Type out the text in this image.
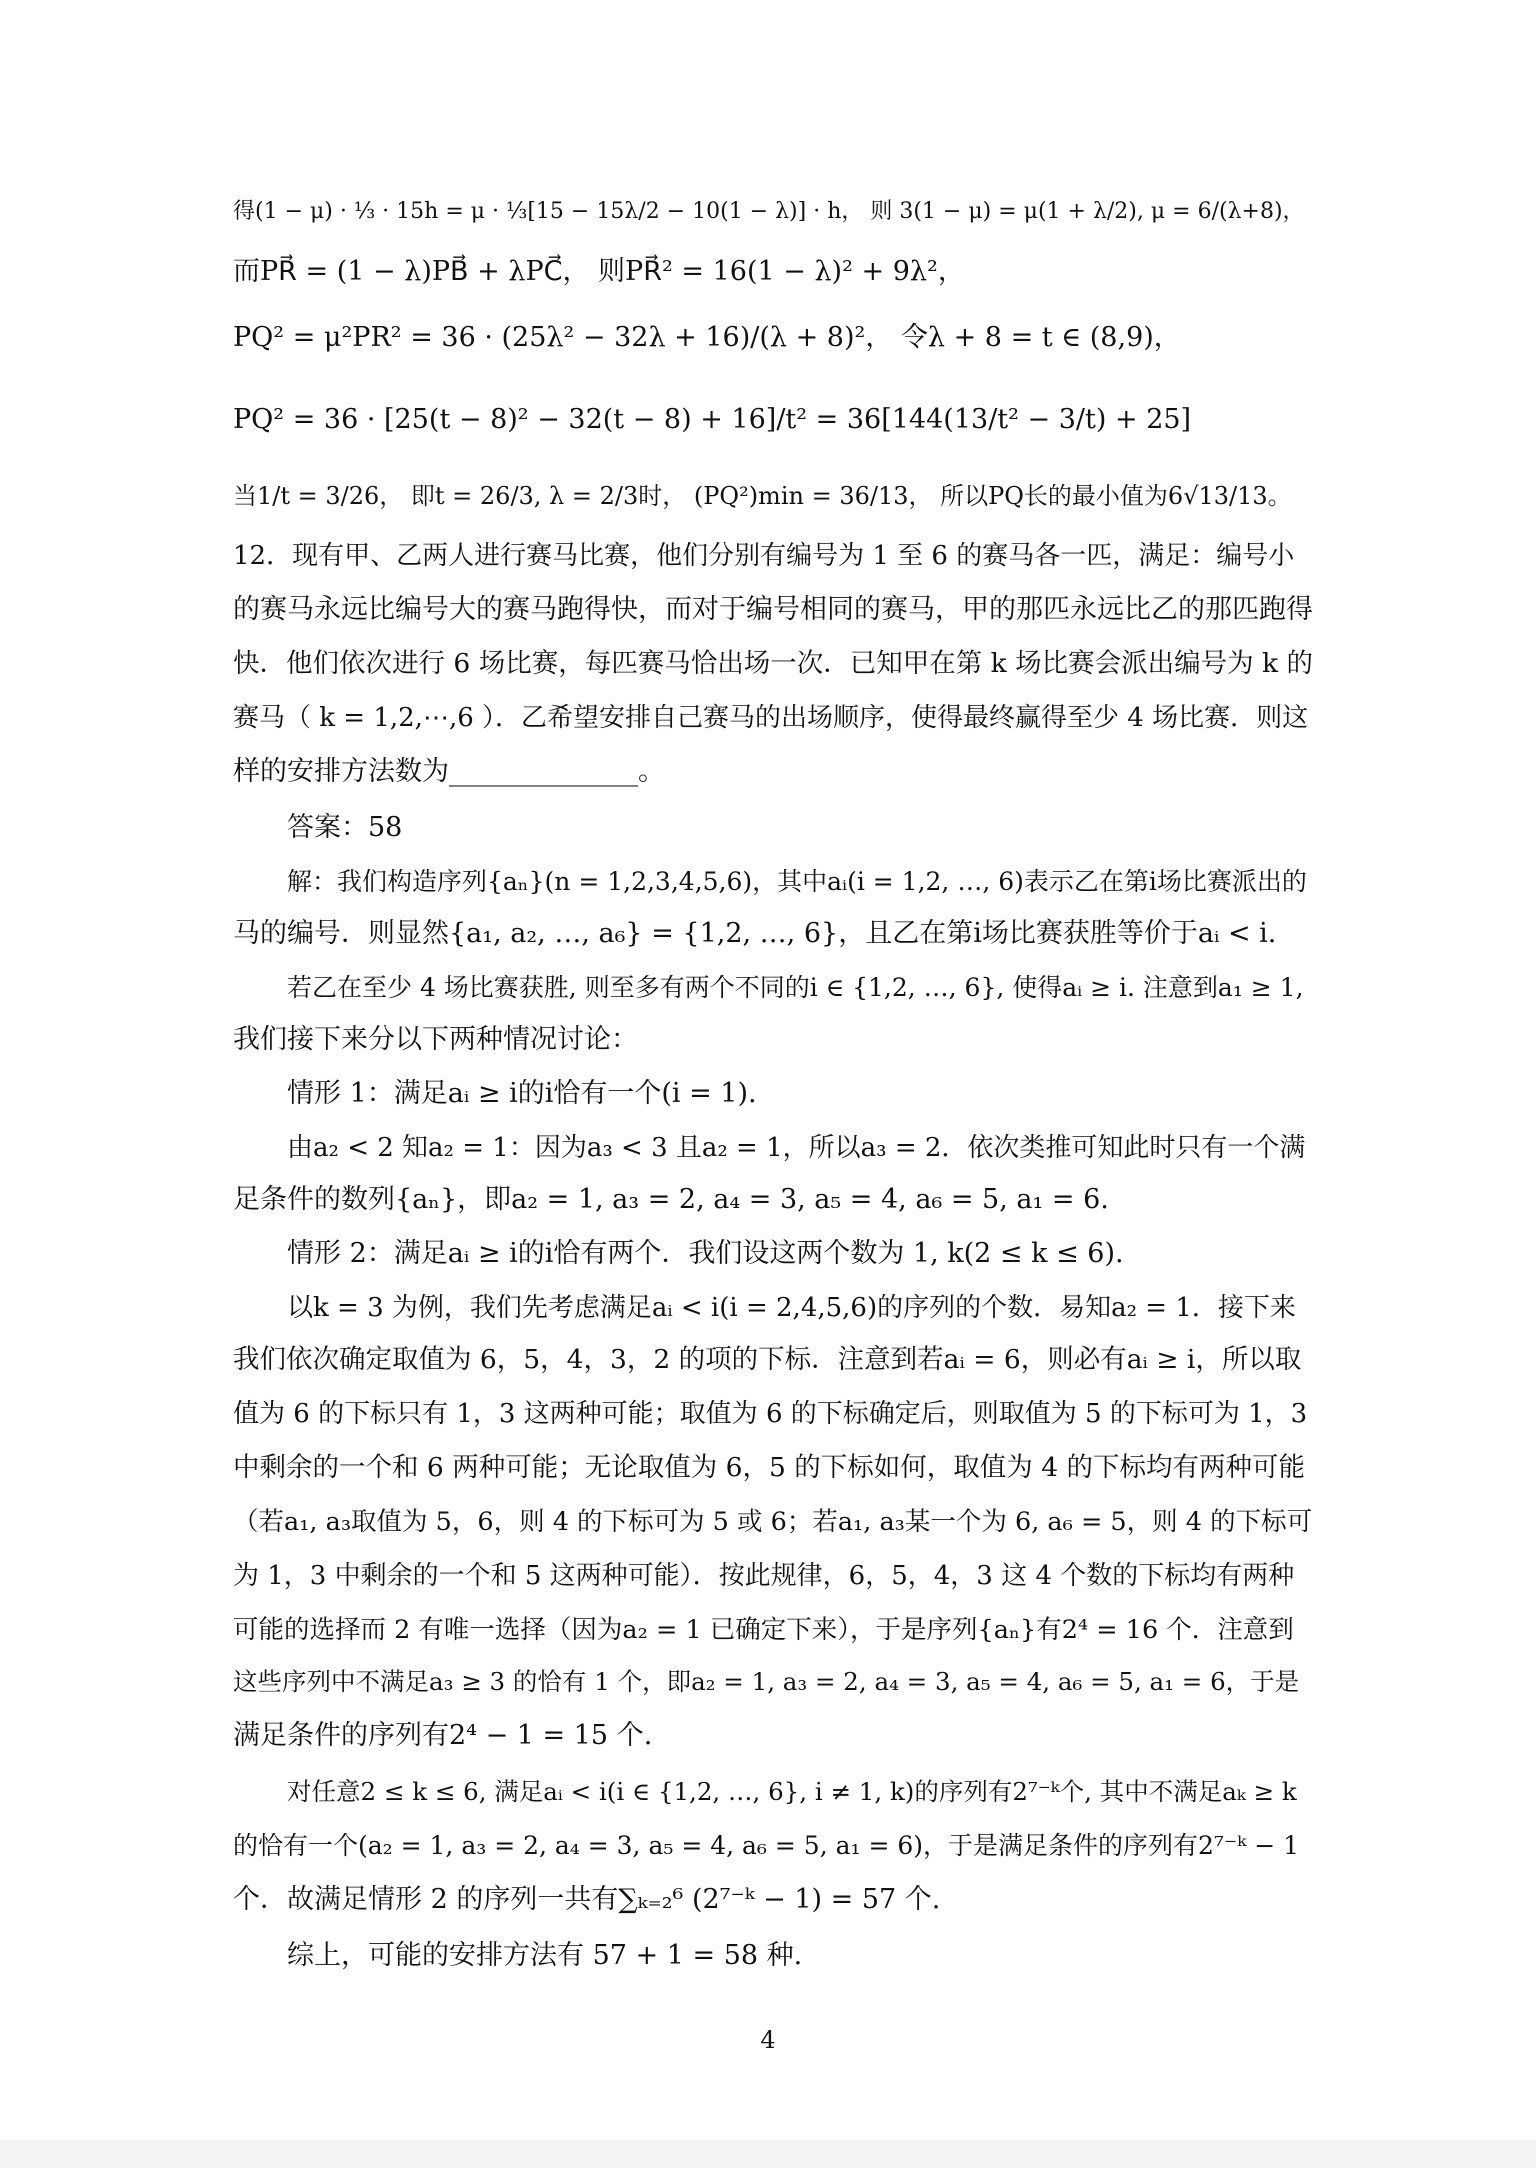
得(1 − μ) · ⅓ · 15h = μ · ⅓[15 − 15λ/2 − 10(1 − λ)] · h， 则 3(1 − μ) = μ(1 + λ/2), μ = 6/(λ+8)，
而PR⃗ = (1 − λ)PB⃗ + λPC⃗， 则PR⃗² = 16(1 − λ)² + 9λ²，
PQ² = μ²PR² = 36 · (25λ² − 32λ + 16)/(λ + 8)²， 令λ + 8 = t ∈ (8,9)，
PQ² = 36 · [25(t − 8)² − 32(t − 8) + 16]/t² = 36[144(13/t² − 3/t) + 25]
当1/t = 3/26， 即t = 26/3, λ = 2/3时， (PQ²)min = 36/13， 所以PQ长的最小值为6√13/13。
12．现有甲、乙两人进行赛马比赛，他们分别有编号为 1 至 6 的赛马各一匹，满足：编号小
的赛马永远比编号大的赛马跑得快，而对于编号相同的赛马，甲的那匹永远比乙的那匹跑得
快．他们依次进行 6 场比赛，每匹赛马恰出场一次．已知甲在第 k 场比赛会派出编号为 k 的
赛马（ k = 1,2,⋯,6 ）．乙希望安排自己赛马的出场顺序，使得最终赢得至少 4 场比赛．则这
样的安排方法数为______________。
答案：58
解：我们构造序列{aₙ}(n = 1,2,3,4,5,6)，其中aᵢ(i = 1,2, …, 6)表示乙在第i场比赛派出的
马的编号．则显然{a₁, a₂, …, a₆} = {1,2, …, 6}，且乙在第i场比赛获胜等价于aᵢ < i.
若乙在至少 4 场比赛获胜, 则至多有两个不同的i ∈ {1,2, …, 6}, 使得aᵢ ≥ i. 注意到a₁ ≥ 1,
我们接下来分以下两种情况讨论：
情形 1：满足aᵢ ≥ i的i恰有一个(i = 1).
由a₂ < 2 知a₂ = 1：因为a₃ < 3 且a₂ = 1，所以a₃ = 2．依次类推可知此时只有一个满
足条件的数列{aₙ}，即a₂ = 1, a₃ = 2, a₄ = 3, a₅ = 4, a₆ = 5, a₁ = 6.
情形 2：满足aᵢ ≥ i的i恰有两个．我们设这两个数为 1, k(2 ≤ k ≤ 6).
以k = 3 为例，我们先考虑满足aᵢ < i(i = 2,4,5,6)的序列的个数．易知a₂ = 1．接下来
我们依次确定取值为 6，5，4，3，2 的项的下标．注意到若aᵢ = 6，则必有aᵢ ≥ i，所以取
值为 6 的下标只有 1，3 这两种可能；取值为 6 的下标确定后，则取值为 5 的下标可为 1，3
中剩余的一个和 6 两种可能；无论取值为 6，5 的下标如何，取值为 4 的下标均有两种可能
（若a₁, a₃取值为 5，6，则 4 的下标可为 5 或 6；若a₁, a₃某一个为 6, a₆ = 5，则 4 的下标可
为 1，3 中剩余的一个和 5 这两种可能）．按此规律，6，5，4，3 这 4 个数的下标均有两种
可能的选择而 2 有唯一选择（因为a₂ = 1 已确定下来），于是序列{aₙ}有2⁴ = 16 个．注意到
这些序列中不满足a₃ ≥ 3 的恰有 1 个，即a₂ = 1, a₃ = 2, a₄ = 3, a₅ = 4, a₆ = 5, a₁ = 6，于是
满足条件的序列有2⁴ − 1 = 15 个.
对任意2 ≤ k ≤ 6, 满足aᵢ < i(i ∈ {1,2, …, 6}, i ≠ 1, k)的序列有2⁷⁻ᵏ个, 其中不满足aₖ ≥ k
的恰有一个(a₂ = 1, a₃ = 2, a₄ = 3, a₅ = 4, a₆ = 5, a₁ = 6)，于是满足条件的序列有2⁷⁻ᵏ − 1
个．故满足情形 2 的序列一共有∑ₖ₌₂⁶ (2⁷⁻ᵏ − 1) = 57 个.
综上，可能的安排方法有 57 + 1 = 58 种.
4
